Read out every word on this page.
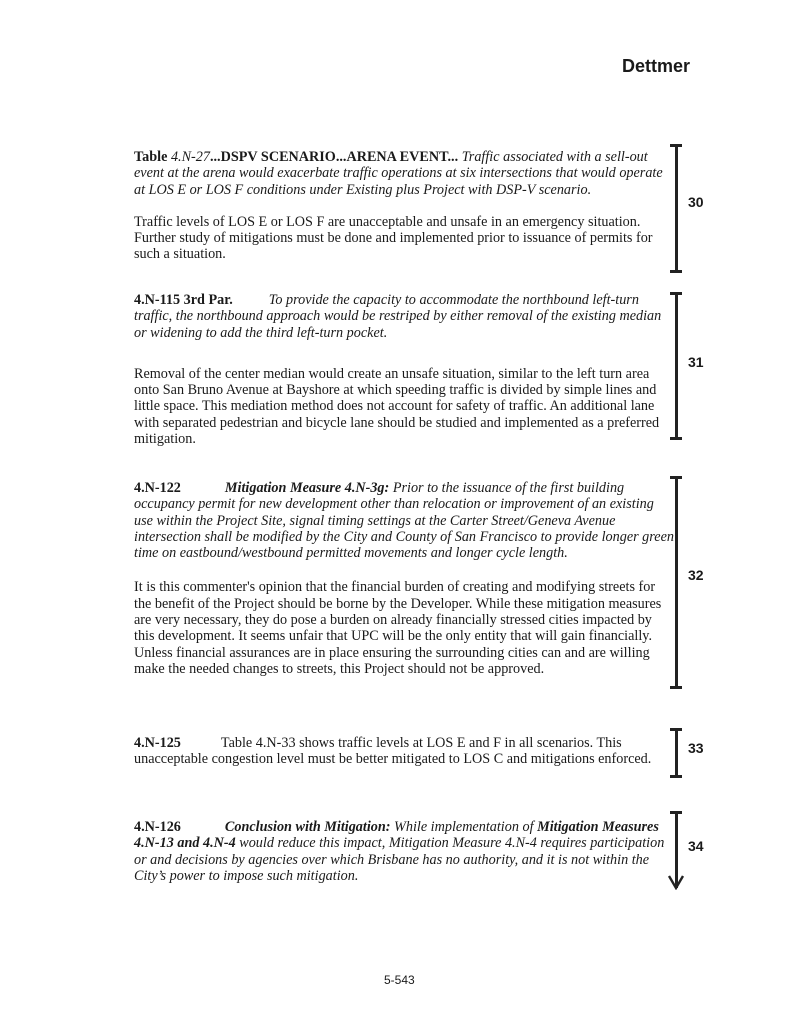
Dettmer

Table 4.N-27...DSPV SCENARIO...ARENA EVENT... Traffic associated with a sell-out event at the arena would exacerbate traffic operations at six intersections that would operate at LOS E or LOS F conditions under Existing plus Project with DSP-V scenario.

Traffic levels of LOS E or LOS F are unacceptable and unsafe in an emergency situation. Further study of mitigations must be done and implemented prior to issuance of permits for such a situation.

30

4.N-115 3rd Par.	To provide the capacity to accommodate the northbound left-turn traffic, the northbound approach would be restriped by either removal of the existing median or widening to add the third left-turn pocket.

Removal of the center median would create an unsafe situation, similar to the left turn area onto San Bruno Avenue at Bayshore at which speeding traffic is divided by simple lines and little space. This mediation method does not account for safety of traffic. An additional lane with separated pedestrian and bicycle lane should be studied and implemented as a preferred mitigation.

31

4.N-122	Mitigation Measure 4.N-3g: Prior to the issuance of the first building occupancy permit for new development other than relocation or improvement of an existing use within the Project Site, signal timing settings at the Carter Street/Geneva Avenue intersection shall be modified by the City and County of San Francisco to provide longer green time on eastbound/westbound permitted movements and longer cycle length.

It is this commenter's opinion that the financial burden of creating and modifying streets for the benefit of the Project should be borne by the Developer. While these mitigation measures are very necessary, they do pose a burden on already financially stressed cities impacted by this development. It seems unfair that UPC will be the only entity that will gain financially. Unless financial assurances are in place ensuring the surrounding cities can and are willing make the needed changes to streets, this Project should not be approved.

32

4.N-125	Table 4.N-33 shows traffic levels at LOS E and F in all scenarios. This unacceptable congestion level must be better mitigated to LOS C and mitigations enforced.

33

4.N-126	Conclusion with Mitigation: While implementation of Mitigation Measures 4.N-13 and 4.N-4 would reduce this impact, Mitigation Measure 4.N-4 requires participation or and decisions by agencies over which Brisbane has no authority, and it is not within the City’s power to impose such mitigation.

34
5-543
